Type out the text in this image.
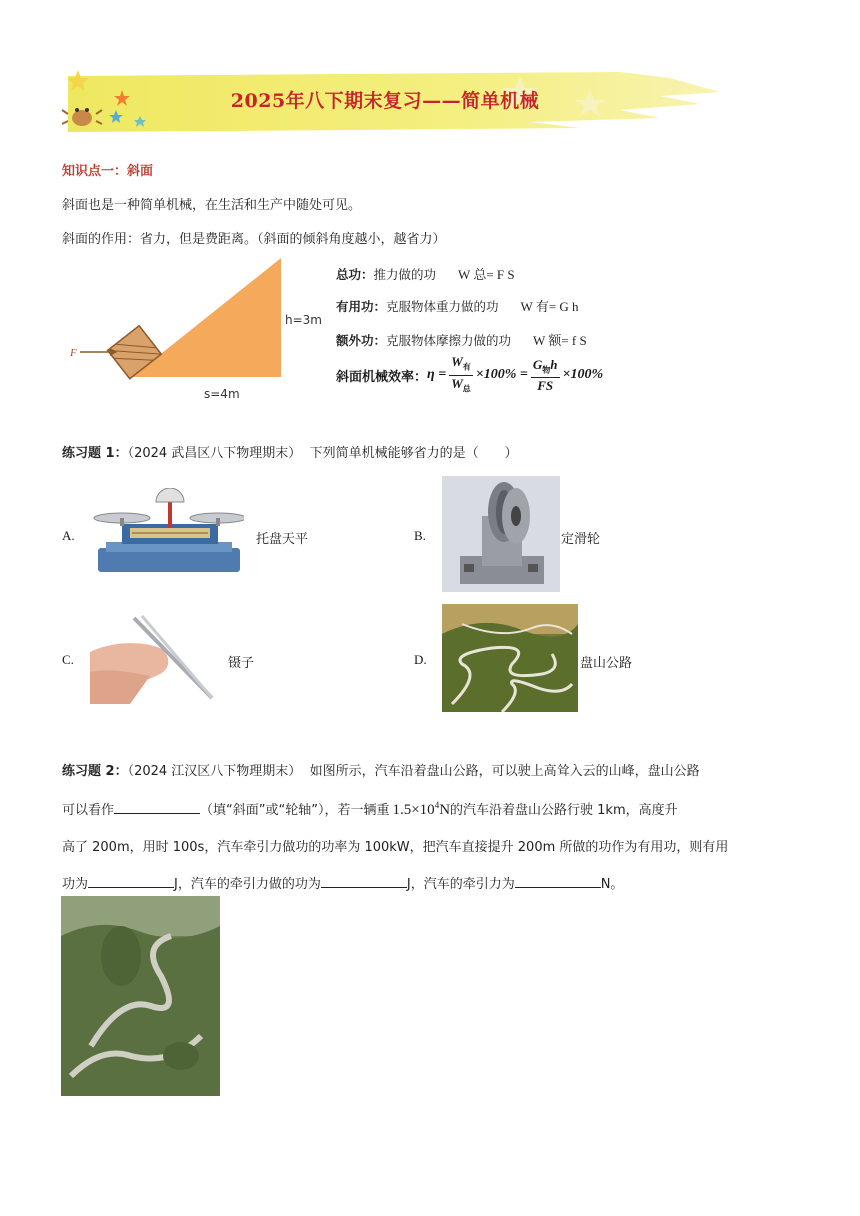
2025年八下期末复习——简单机械
知识点一：斜面
斜面也是一种简单机械，在生活和生产中随处可见。
斜面的作用：省力，但是费距离。（斜面的倾斜角度越小，越省力）
F
h=3m
s=4m
总功：推力做的功 W 总= F S
有用功：克服物体重力做的功 W 有= G h
额外功：克服物体摩擦力做的功 W 额= f S
斜面机械效率： $\eta = \frac{W_有}{W_总} \times 100\% = \frac{G_物h}{FS} \times 100\%$
练习题 1：（2024 武昌区八下物理期末） 下列简单机械能够省力的是（　　）
A.	托盘天平	B.	定滑轮
C.	镊子	D.	盘山公路
练习题 2：（2024 江汉区八下物理期末） 如图所示，汽车沿着盘山公路，可以驶上高耸入云的山峰，盘山公路
可以看作	（填“斜面”或“轮轴”），若一辆重 $1.5\times 10^4N$的汽车沿着盘山公路行驶 1km，高度升
高了 200m，用时 100s，汽车牵引力做功的功率为 100kW，把汽车直接提升 200m 所做的功作为有用功，则有用
功为	J，汽车的牵引力做的功为	J，汽车的牵引力为	N。
